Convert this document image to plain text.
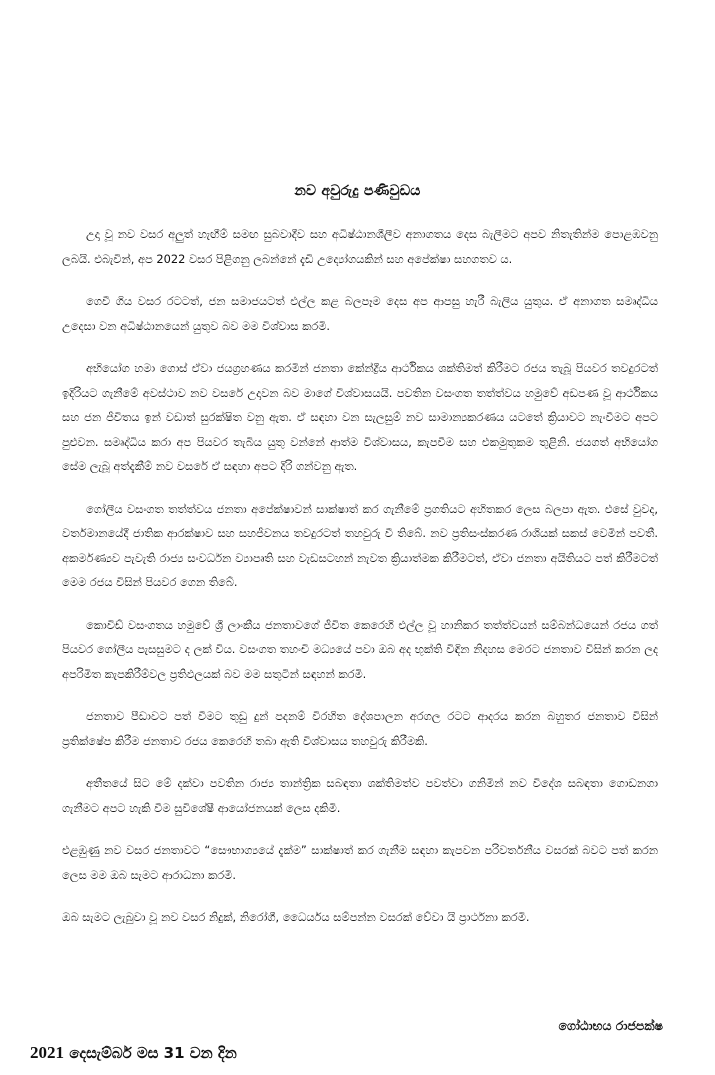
නව අවුරුදු පණිවුඩය

උදා වූ නව වසර අලුත් හැඟීම් සමඟ සුබවාදීව සහ අධිෂ්ඨානශීලීව අනාගතය දෙස බැලීමට අපව නිතැතින්ම පොළඹවනු ලබයි. එබැවින්, අප 2022 වසර පිළිගනු ලබන්නේ දැඩි උද්‍යෝගයකින් සහ අපේක්ෂා සහගතව ය.

ගෙවී ගිය වසර රටටත්, ජන සමාජයටත් එල්ල කළ බලපෑම දෙස අප ආපසු හැරී බැලිය යුතුය. ඒ අනාගත සමෘද්ධිය උදෙසා වන අධිෂ්ඨානයෙන් යුතුව බව මම විශ්වාස කරමි.

අභියෝග හමා ගොස් ඒවා ජයග්‍රහණය කරමින් ජනතා කේන්ද්‍රීය ආර්ථිකය ශක්තිමත් කිරීමට රජය තැබූ පියවර තවදුරටත් ඉදිරියට ගැනීමේ අවස්ථාව නව වසරේ උදාවන බව මාගේ විශ්වාසයයි. පවතින වසංගත තත්ත්වය හමුවේ අඩපණ වූ ආර්ථිකය සහ ජන ජීවිතය ඉන් වඩාත් සුරක්ෂිත වනු ඇත. ඒ සඳහා වන සැලසුම් නව සාමාන්‍යකරණය යටතේ ක්‍රියාවට නැංවීමට අපට පුළුවන. සමෘද්ධිය කරා අප පියවර තැබිය යුතු වන්නේ ආත්ම විශ්වාසය, කැපවීම සහ එකමුතුකම තුළිනි. ජයගත් අභියෝග සේම ලැබූ අත්දැකීම් නව වසරේ ඒ සඳහා අපට දිරි ගන්වනු ඇත.

ගෝලීය වසංගත තත්ත්වය ජනතා අපේක්ෂාවන් සාක්ෂාත් කර ගැනීමේ ප්‍රගතියට අහිතකර ලෙස බලපා ඇත. එසේ වුවද, වර්තමානයේදී ජාතික ආරක්ෂාව සහ සහජීවනය තවදුරටත් තහවුරු වී තිබේ. නව ප්‍රතිසංස්කරණ රාශියක් සකස් වෙමින් පවතී. අකර්මණ්‍යව පැවැති රාජ්‍ය සංවර්ධන ව්‍යාපෘති සහ වැඩසටහන් නැවත ක්‍රියාත්මක කිරීමටත්, ඒවා ජනතා අයිතියට පත් කිරීමටත් මෙම රජය විසින් පියවර ගෙන තිබේ.

කොවිඩ් වසංගතය හමුවේ ශ්‍රී ලාංකීය ජනතාවගේ ජීවිත කෙරෙහි එල්ල වූ හානිකර තත්ත්වයන් සම්බන්ධයෙන් රජය ගත් පියවර ගෝලීය පැසසුමට ද ලක් විය. වසංගත තහංචි මධ්‍යයේ පවා ඔබ අද භුක්ති විඳින නිදහස මෙරට ජනතාව විසින් කරන ලද අපරිමිත කැපකිරීම්වල ප්‍රතිඵලයක් බව මම සතුටින් සඳහන් කරමි.

ජනතාව පීඩාවට පත් වීමට තුඩු දුන් පදනම් විරහිත දේශපාලන අරගල රටට ආදරය කරන බහුතර ජනතාව විසින් ප්‍රතික්ෂේප කිරීම ජනතාව රජය කෙරෙහි තබා ඇති විශ්වාසය තහවුරු කිරීමකි.

අතීතයේ සිට මේ දක්වා පවතින රාජ්‍ය තාන්ත්‍රික සබඳතා ශක්තිමත්ව පවත්වා ගනිමින් නව විදේශ සබඳතා ගොඩනගා ගැනීමට අපට හැකි වීම සුවිශේෂී ආයෝජනයක් ලෙස දකිමි.

එළඹුණු නව වසර ජනතාවට “සෞභාග්‍යයේ දැක්ම” සාක්ෂාත් කර ගැනීම සඳහා කැපවන පරිවර්තනීය වසරක් බවට පත් කරන ලෙස මම ඔබ සැමට ආරාධනා කරමි.

ඔබ සැමට ලැබුවා වූ නව වසර නිදුක්, නිරෝගී, ධෛර්යය සම්පන්න වසරක් වේවා යි ප්‍රාර්ථනා කරමි.

ගෝඨාභය රාජපක්ෂ
2021 දෙසැම්බර් මස 31 වන දින
